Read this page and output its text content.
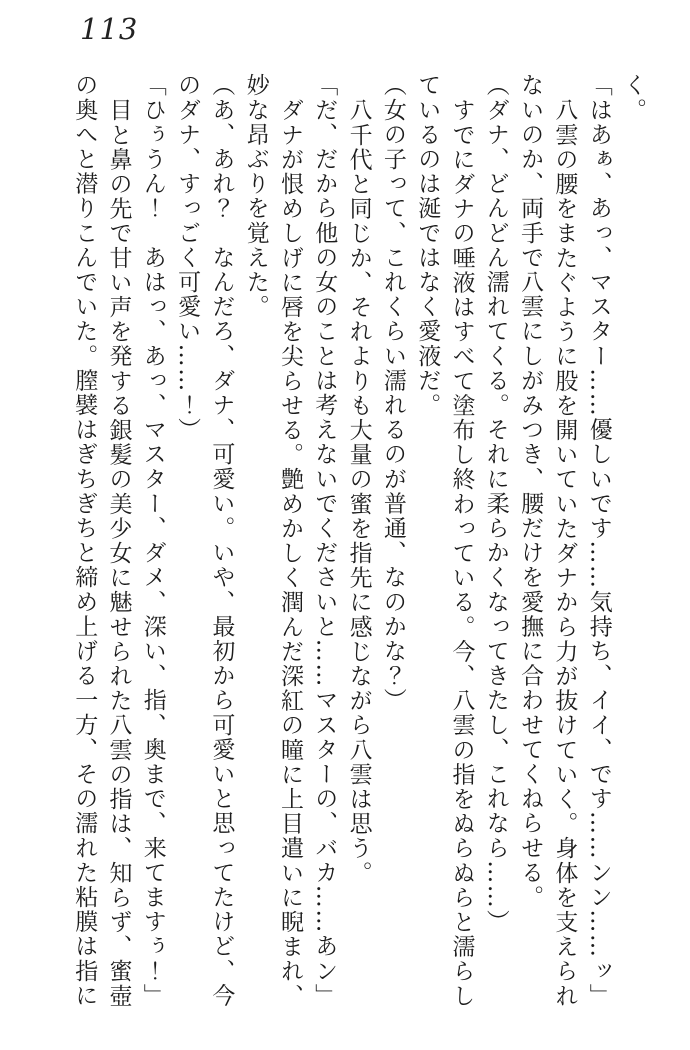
113
く。
「はあぁ、あっ、マスター……優しいです……気持ち、イイ、です……ンン……ッ」
八雲の腰をまたぐように股を開いていたダナから力が抜けていく。身体を支えられ
ないのか、両手で八雲にしがみつき、腰だけを愛撫に合わせてくねらせる。
（ダナ、どんどん濡れてくる。それに柔らかくなってきたし、これなら……）
すでにダナの唾液はすべて塗布し終わっている。今、八雲の指をぬらぬらと濡らし
ているのは涎ではなく愛液だ。
（女の子って、これくらい濡れるのが普通、なのかな？）
八千代と同じか、それよりも大量の蜜を指先に感じながら八雲は思う。
「だ、だから他の女のことは考えないでくださいと……マスターの、バカ……あン」
ダナが恨めしげに唇を尖らせる。艶めかしく潤んだ深紅の瞳に上目遣いに睨まれ、
妙な昂ぶりを覚えた。
（あ、あれ？　なんだろ、ダナ、可愛い。いや、最初から可愛いと思ってたけど、今
のダナ、すっごく可愛い……！）
「ひぅうん！　あはっ、あっ、マスター、ダメ、深い、指、奥まで、来てますぅ！」
目と鼻の先で甘い声を発する銀髪の美少女に魅せられた八雲の指は、知らず、蜜壺
の奥へと潜りこんでいた。膣襞はぎちぎちと締め上げる一方、その濡れた粘膜は指に
